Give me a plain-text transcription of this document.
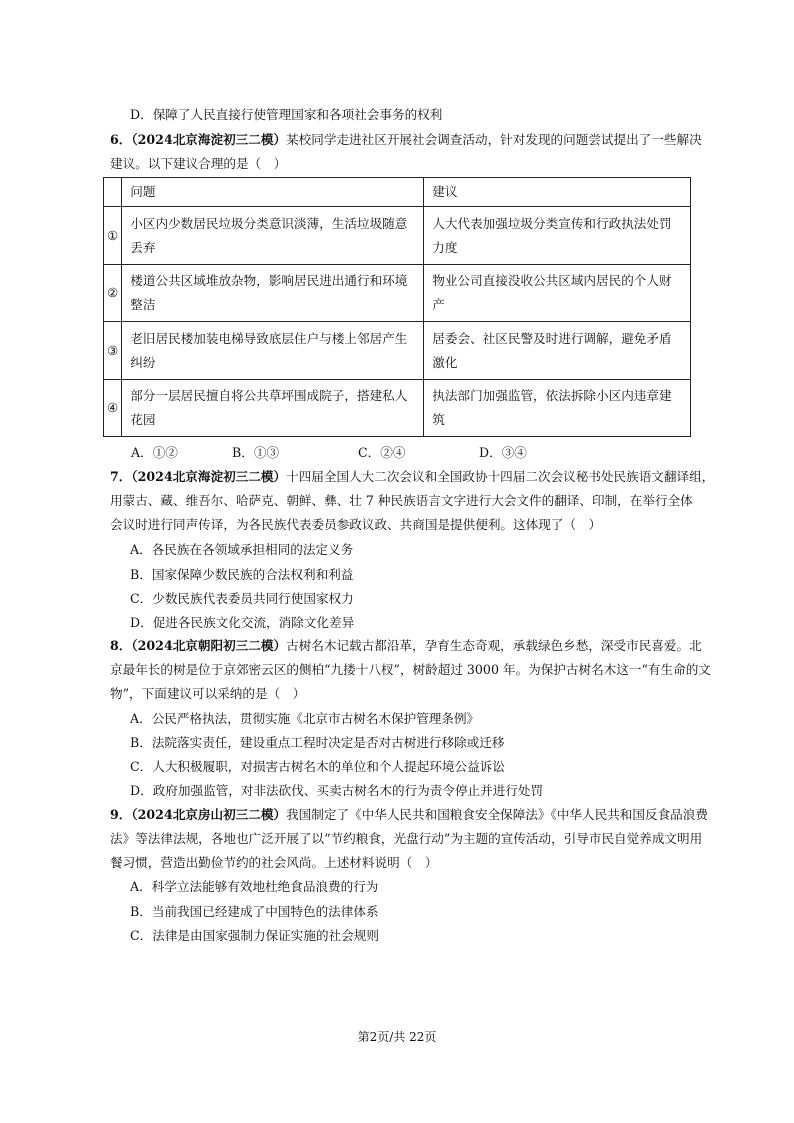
D．保障了人民直接行使管理国家和各项社会事务的权利
6．（2024北京海淀初三二模）某校同学走进社区开展社会调查活动，针对发现的问题尝试提出了一些解决
建议。以下建议合理的是（　）
	问题	建议
①	小区内少数居民垃圾分类意识淡薄，生活垃圾随意丢弃	人大代表加强垃圾分类宣传和行政执法处罚力度
②	楼道公共区域堆放杂物，影响居民进出通行和环境整洁	物业公司直接没收公共区域内居民的个人财产
③	老旧居民楼加装电梯导致底层住户与楼上邻居产生纠纷	居委会、社区民警及时进行调解，避免矛盾激化
④	部分一层居民擅自将公共草坪围成院子，搭建私人花园	执法部门加强监管，依法拆除小区内违章建筑
A．①②	B．①③	C．②④	D．③④
7．（2024北京海淀初三二模）十四届全国人大二次会议和全国政协十四届二次会议秘书处民族语文翻译组，
用蒙古、藏、维吾尔、哈萨克、朝鲜、彝、壮 7 种民族语言文字进行大会文件的翻译、印制，在举行全体
会议时进行同声传译，为各民族代表委员参政议政、共商国是提供便利。这体现了（　）
A．各民族在各领域承担相同的法定义务
B．国家保障少数民族的合法权利和利益
C．少数民族代表委员共同行使国家权力
D．促进各民族文化交流，消除文化差异
8．（2024北京朝阳初三二模）古树名木记载古都沿革，孕育生态奇观，承载绿色乡愁，深受市民喜爱。北
京最年长的树是位于京郊密云区的侧柏“九搂十八杈”，树龄超过 3000 年。为保护古树名木这一“有生命的文
物”，下面建议可以采纳的是（　）
A．公民严格执法，贯彻实施《北京市古树名木保护管理条例》
B．法院落实责任，建设重点工程时决定是否对古树进行移除或迁移
C．人大积极履职，对损害古树名木的单位和个人提起环境公益诉讼
D．政府加强监管，对非法砍伐、买卖古树名木的行为责令停止并进行处罚
9．（2024北京房山初三二模）我国制定了《中华人民共和国粮食安全保障法》《中华人民共和国反食品浪费
法》等法律法规，各地也广泛开展了以“节约粮食，光盘行动”为主题的宣传活动，引导市民自觉养成文明用
餐习惯，营造出勤俭节约的社会风尚。上述材料说明（　）
A．科学立法能够有效地杜绝食品浪费的行为
B．当前我国已经建成了中国特色的法律体系
C．法律是由国家强制力保证实施的社会规则
第2页/共 22页
